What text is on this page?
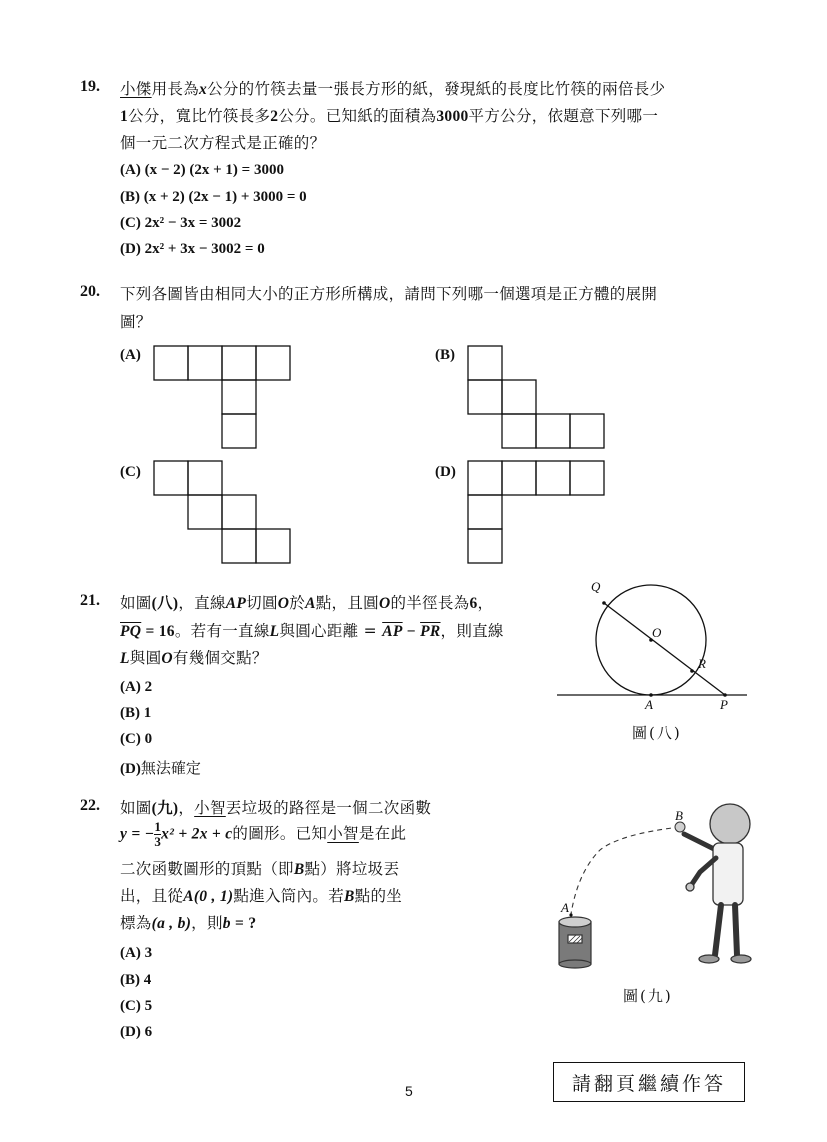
19. 小傑用長為x公分的竹筷去量一張長方形的紙，發現紙的長度比竹筷的兩倍長少
1公分，寬比竹筷長多2公分。已知紙的面積為3000平方公分，依題意下列哪一
個一元二次方程式是正確的？
(A) (x − 2) (2x + 1) = 3000
(B) (x + 2) (2x − 1) + 3000 = 0
(C) 2x² − 3x = 3002
(D) 2x² + 3x − 3002 = 0
20. 下列各圖皆由相同大小的正方形所構成，請問下列哪一個選項是正方體的展開
圖？
(A)	(B)
(C)	(D)
21. 如圖(八)，直線AP切圓O於A點，且圓O的半徑長為6，
$\overline{PQ} = 16$。若有一直線L與圓心距離 = $\overline{AP} - \overline{PR}$，則直線
L與圓O有幾個交點？
(A) 2
(B) 1
(C) 0
(D)無法確定
Q
O
R
A	P
圖(八)
22. 如圖(九)，小智丟垃圾的路徑是一個二次函數
y = − $\frac{1}{3} x^2 + 2x + c$的圖形。已知小智是在此
二次函數圖形的頂點（即B點）將垃圾丟
出，且從A(0 , 1)點進入筒內。若B點的坐
標為(a , b)，則b = ?
(A) 3
(B) 4
(C) 5
(D) 6
B
A
圖(九)
5	請翻頁繼續作答
